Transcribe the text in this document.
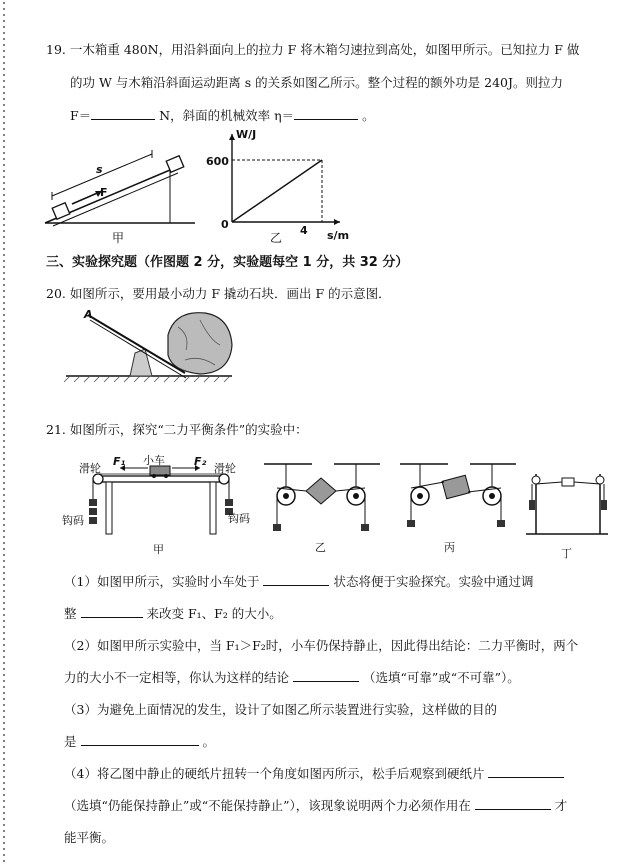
19. 一木箱重 480N，用沿斜面向上的拉力 F 将木箱匀速拉到高处，如图甲所示。已知拉力 F 做
的功 W 与木箱沿斜面运动距离 s 的关系如图乙所示。整个过程的额外功是 240J。则拉力
F＝	N，斜面的机械效率 η＝	。
s
F
甲
W/J
600
0	4 s/m
乙
三、实验探究题（作图题 2 分，实验题每空 1 分，共 32 分）
20. 如图所示，要用最小动力 F 撬动石块．画出 F 的示意图．
A
21. 如图所示，探究“二力平衡条件”的实验中：
滑轮	滑轮
小车
F₁	F₂
钩码	钩码
甲	乙	丙	丁
（1）如图甲所示，实验时小车处于	状态将便于实验探究。实验中通过调
整	来改变 F₁、F₂ 的大小。
（2）如图甲所示实验中，当 F₁＞F₂时，小车仍保持静止，因此得出结论：二力平衡时，两个
力的大小不一定相等，你认为这样的结论	（选填“可靠”或“不可靠”）。
（3）为避免上面情况的发生，设计了如图乙所示装置进行实验，这样做的目的
是	。
（4）将乙图中静止的硬纸片扭转一个角度如图丙所示，松手后观察到硬纸片
（选填“仍能保持静止”或“不能保持静止”），该现象说明两个力必须作用在	才
能平衡。
